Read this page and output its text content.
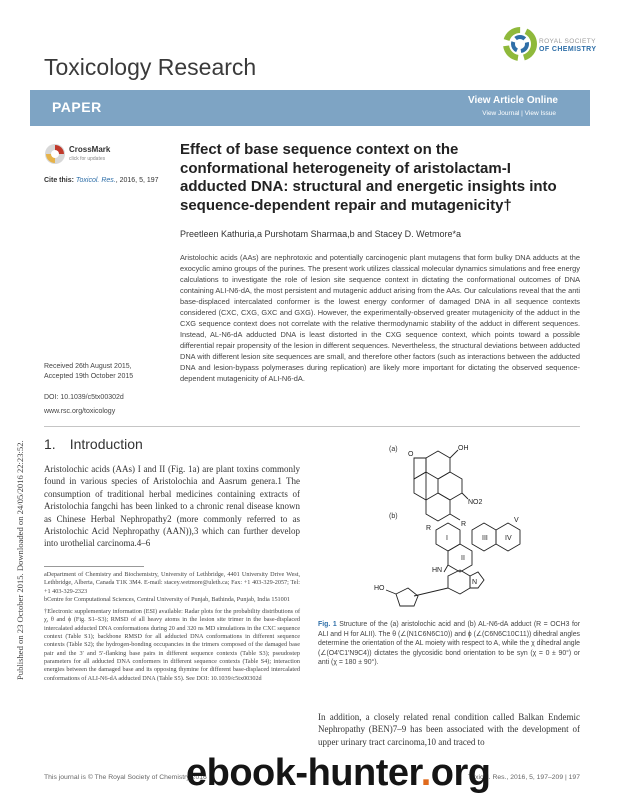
Published on 23 October 2015. Downloaded on 24/05/2016 22:23:52.
Toxicology Research
ROYAL SOCIETY
OF CHEMISTRY
PAPER	View Article Online
View Journal | View Issue
CrossMark
click for updates
Cite this: Toxicol. Res., 2016, 5, 197
Effect of base sequence context on the conformational heterogeneity of aristolactam-I adducted DNA: structural and energetic insights into sequence-dependent repair and mutagenicity†
Preetleen Kathuria,a Purshotam Sharmaa,b and Stacey D. Wetmore*a
Aristolochic acids (AAs) are nephrotoxic and potentially carcinogenic plant mutagens that form bulky DNA adducts at the exocyclic amino groups of the purines. The present work utilizes classical molecular dynamics simulations and free energy calculations to investigate the role of lesion site sequence context in dictating the conformational outcomes of DNA containing ALI-N6-dA, the most persistent and mutagenic adduct arising from the AAs. Our calculations reveal that the anti base-displaced intercalated conformer is the lowest energy conformer of damaged DNA in all sequence contexts considered (CXC, CXG, GXC and GXG). However, the experimentally-observed greater mutagenicity of the adduct in the CXG sequence context does not correlate with the relative thermodynamic stability of the adduct in different sequences. Instead, AL-N6-dA adducted DNA is least distorted in the CXG sequence context, which points toward a possible differential repair propensity of the lesion in different sequences. Nevertheless, the structural deviations between adducted DNA with different lesion site sequences are small, and therefore other factors (such as interactions between the adducted DNA and lesion-bypass polymerases during replication) are likely more important for dictating the observed sequence-dependent mutagenicity of ALI-N6-dA.
Received 26th August 2015,
Accepted 19th October 2015
DOI: 10.1039/c5tx00302d
www.rsc.org/toxicology
1. Introduction
Aristolochic acids (AAs) I and II (Fig. 1a) are plant toxins commonly found in various species of Aristolochia and Aasrum genera.1 The consumption of traditional herbal medicines containing extracts of Aristolochia fangchi has been linked to a chronic renal disease known as Chinese Herbal Nephropathy2 (more commonly referred to as Aristolochic Acid Nephropathy (AAN)),3 which can further develop into urothelial carcinoma.4–6

aDepartment of Chemistry and Biochemistry, University of Lethbridge, 4401 University Drive West, Lethbridge, Alberta, Canada T1K 3M4. E-mail: stacey.wetmore@uleth.ca; Fax: +1 403-329-2057; Tel: +1 403-329-2323

bCentre for Computational Sciences, Central University of Punjab, Bathinda, Punjab, India 151001

†Electronic supplementary information (ESI) available: Radar plots for the probability distributions of χ, θ and ϕ (Fig. S1–S3); RMSD of all heavy atoms in the lesion site trimer in the base-displaced intercalated adducted DNA conformations during 20 and 320 ns MD simulations in the CXC sequence context (Table S1); backbone RMSD for all adducted DNA conformations in different sequence contexts (Table S2); the hydrogen-bonding occupancies in the trimers composed of the damaged base pair and the 3′ and 5′-flanking base pairs in different sequence contexts (Table S3); pseudostep parameters for all adducted DNA conformers in different sequence contexts (Table S4); interaction energies between the damaged base and its opposing thymine for different base-displaced intercalated conformations of ALI-N6-dA adducted DNA (Table S5). See DOI: 10.1039/c5tx00302d

(a)
(b)
OH
NO2
R
O
R
I
II
III IV
V
HN
N
HO
Fig. 1 Structure of the (a) aristolochic acid and (b) AL-N6-dA adduct (R = OCH3 for ALI and H for ALII). The θ (∠(N1C6N6C10)) and ϕ (∠(C6N6C10C11)) dihedral angles determine the orientation of the AL moiety with respect to A, while the χ dihedral angle (∠(O4′C1′N9C4)) dictates the glycosidic bond orientation to be syn (χ = 0 ± 90°) or anti (χ = 180 ± 90°).
In addition, a closely related renal condition called Balkan Endemic Nephropathy (BEN)7–9 has been associated with the development of upper urinary tract carcinoma,10 and traced to
This journal is © The Royal Society of Chemistry 2016	Toxicol. Res., 2016, 5, 197–209 | 197
ebook-hunter.org
